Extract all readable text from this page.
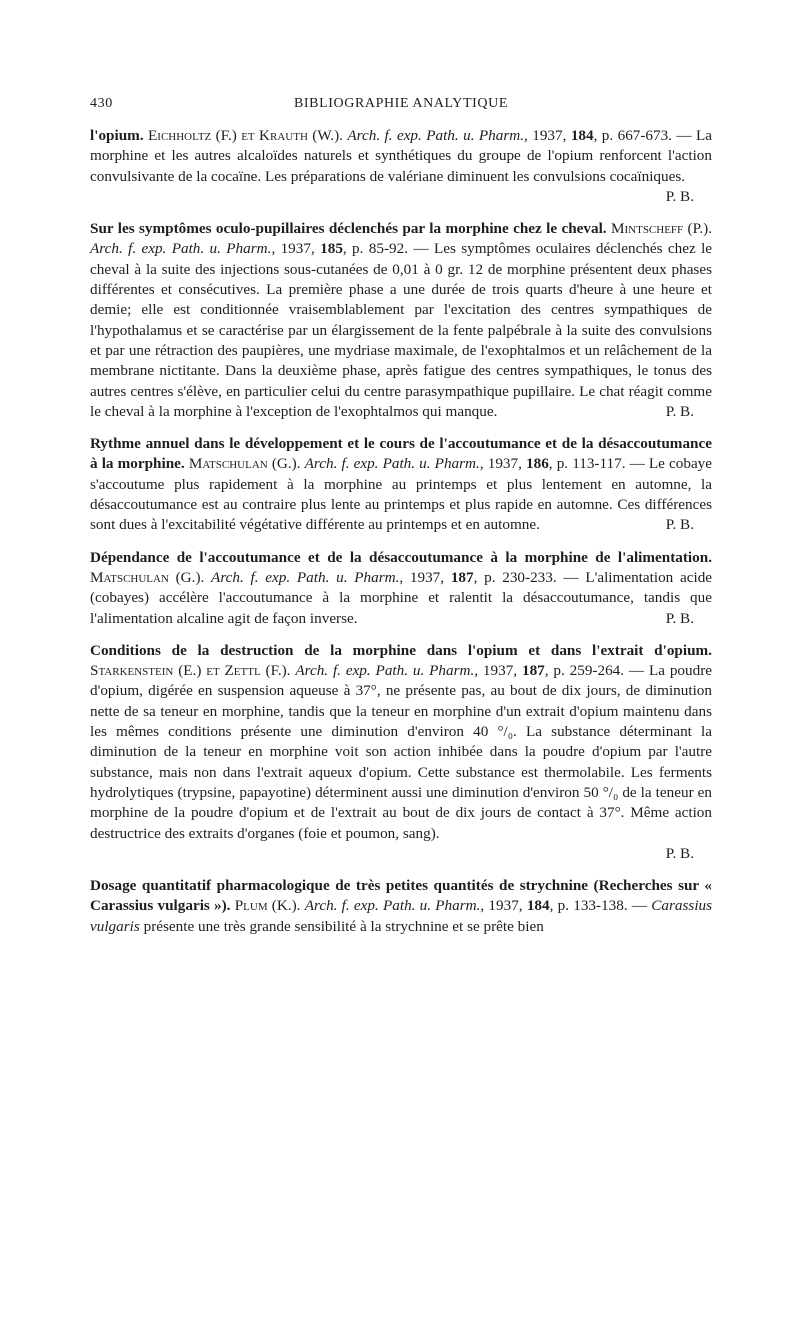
430	BIBLIOGRAPHIE ANALYTIQUE

l'opium. Eichholtz (F.) et Krauth (W.). Arch. f. exp. Path. u. Pharm., 1937, 184, p. 667-673. — La morphine et les autres alcaloïdes naturels et synthétiques du groupe de l'opium renforcent l'action convulsivante de la cocaïne. Les préparations de valériane diminuent les convulsions cocaïniques.
P. B.

Sur les symptômes oculo-pupillaires déclenchés par la morphine chez le cheval. Mintscheff (P.). Arch. f. exp. Path. u. Pharm., 1937, 185, p. 85-92. — Les symptômes oculaires déclenchés chez le cheval à la suite des injections sous-cutanées de 0,01 à 0 gr. 12 de morphine présentent deux phases différentes et consécutives. La première phase a une durée de trois quarts d'heure à une heure et demie; elle est conditionnée vraisemblablement par l'excitation des centres sympathiques de l'hypothalamus et se caractérise par un élargissement de la fente palpébrale à la suite des convulsions et par une rétraction des paupières, une mydriase maximale, de l'exophtalmos et un relâchement de la membrane nictitante. Dans la deuxième phase, après fatigue des centres sympathiques, le tonus des autres centres s'élève, en particulier celui du centre parasympathique pupillaire. Le chat réagit comme le cheval à la morphine à l'exception de l'exophtalmos qui manque.	P. B.

Rythme annuel dans le développement et le cours de l'accoutumance et de la désaccoutumance à la morphine. Matschulan (G.). Arch. f. exp. Path. u. Pharm., 1937, 186, p. 113-117. — Le cobaye s'accoutume plus rapidement à la morphine au printemps et plus lentement en automne, la désaccoutumance est au contraire plus lente au printemps et plus rapide en automne. Ces différences sont dues à l'excitabilité végétative différente au printemps et en automne.	P. B.

Dépendance de l'accoutumance et de la désaccoutumance à la morphine de l'alimentation. Matschulan (G.). Arch. f. exp. Path. u. Pharm., 1937, 187, p. 230-233. — L'alimentation acide (cobayes) accélère l'accoutumance à la morphine et ralentit la désaccoutumance, tandis que l'alimentation alcaline agit de façon inverse.	P. B.

Conditions de la destruction de la morphine dans l'opium et dans l'extrait d'opium. Starkenstein (E.) et Zettl (F.). Arch. f. exp. Path. u. Pharm., 1937, 187, p. 259-264. — La poudre d'opium, digérée en suspension aqueuse à 37°, ne présente pas, au bout de dix jours, de diminution nette de sa teneur en morphine, tandis que la teneur en morphine d'un extrait d'opium maintenu dans les mêmes conditions présente une diminution d'environ 40 °/₀. La substance déterminant la diminution de la teneur en morphine voit son action inhibée dans la poudre d'opium par l'autre substance, mais non dans l'extrait aqueux d'opium. Cette substance est thermolabile. Les ferments hydrolytiques (trypsine, papayotine) déterminent aussi une diminution d'environ 50 °/₀ de la teneur en morphine de la poudre d'opium et de l'extrait au bout de dix jours de contact à 37°. Même action destructrice des extraits d'organes (foie et poumon, sang).
P. B.

Dosage quantitatif pharmacologique de très petites quantités de strychnine (Recherches sur « Carassius vulgaris »). Plum (K.). Arch. f. exp. Path. u. Pharm., 1937, 184, p. 133-138. — Carassius vulgaris présente une très grande sensibilité à la strychnine et se prête bien
